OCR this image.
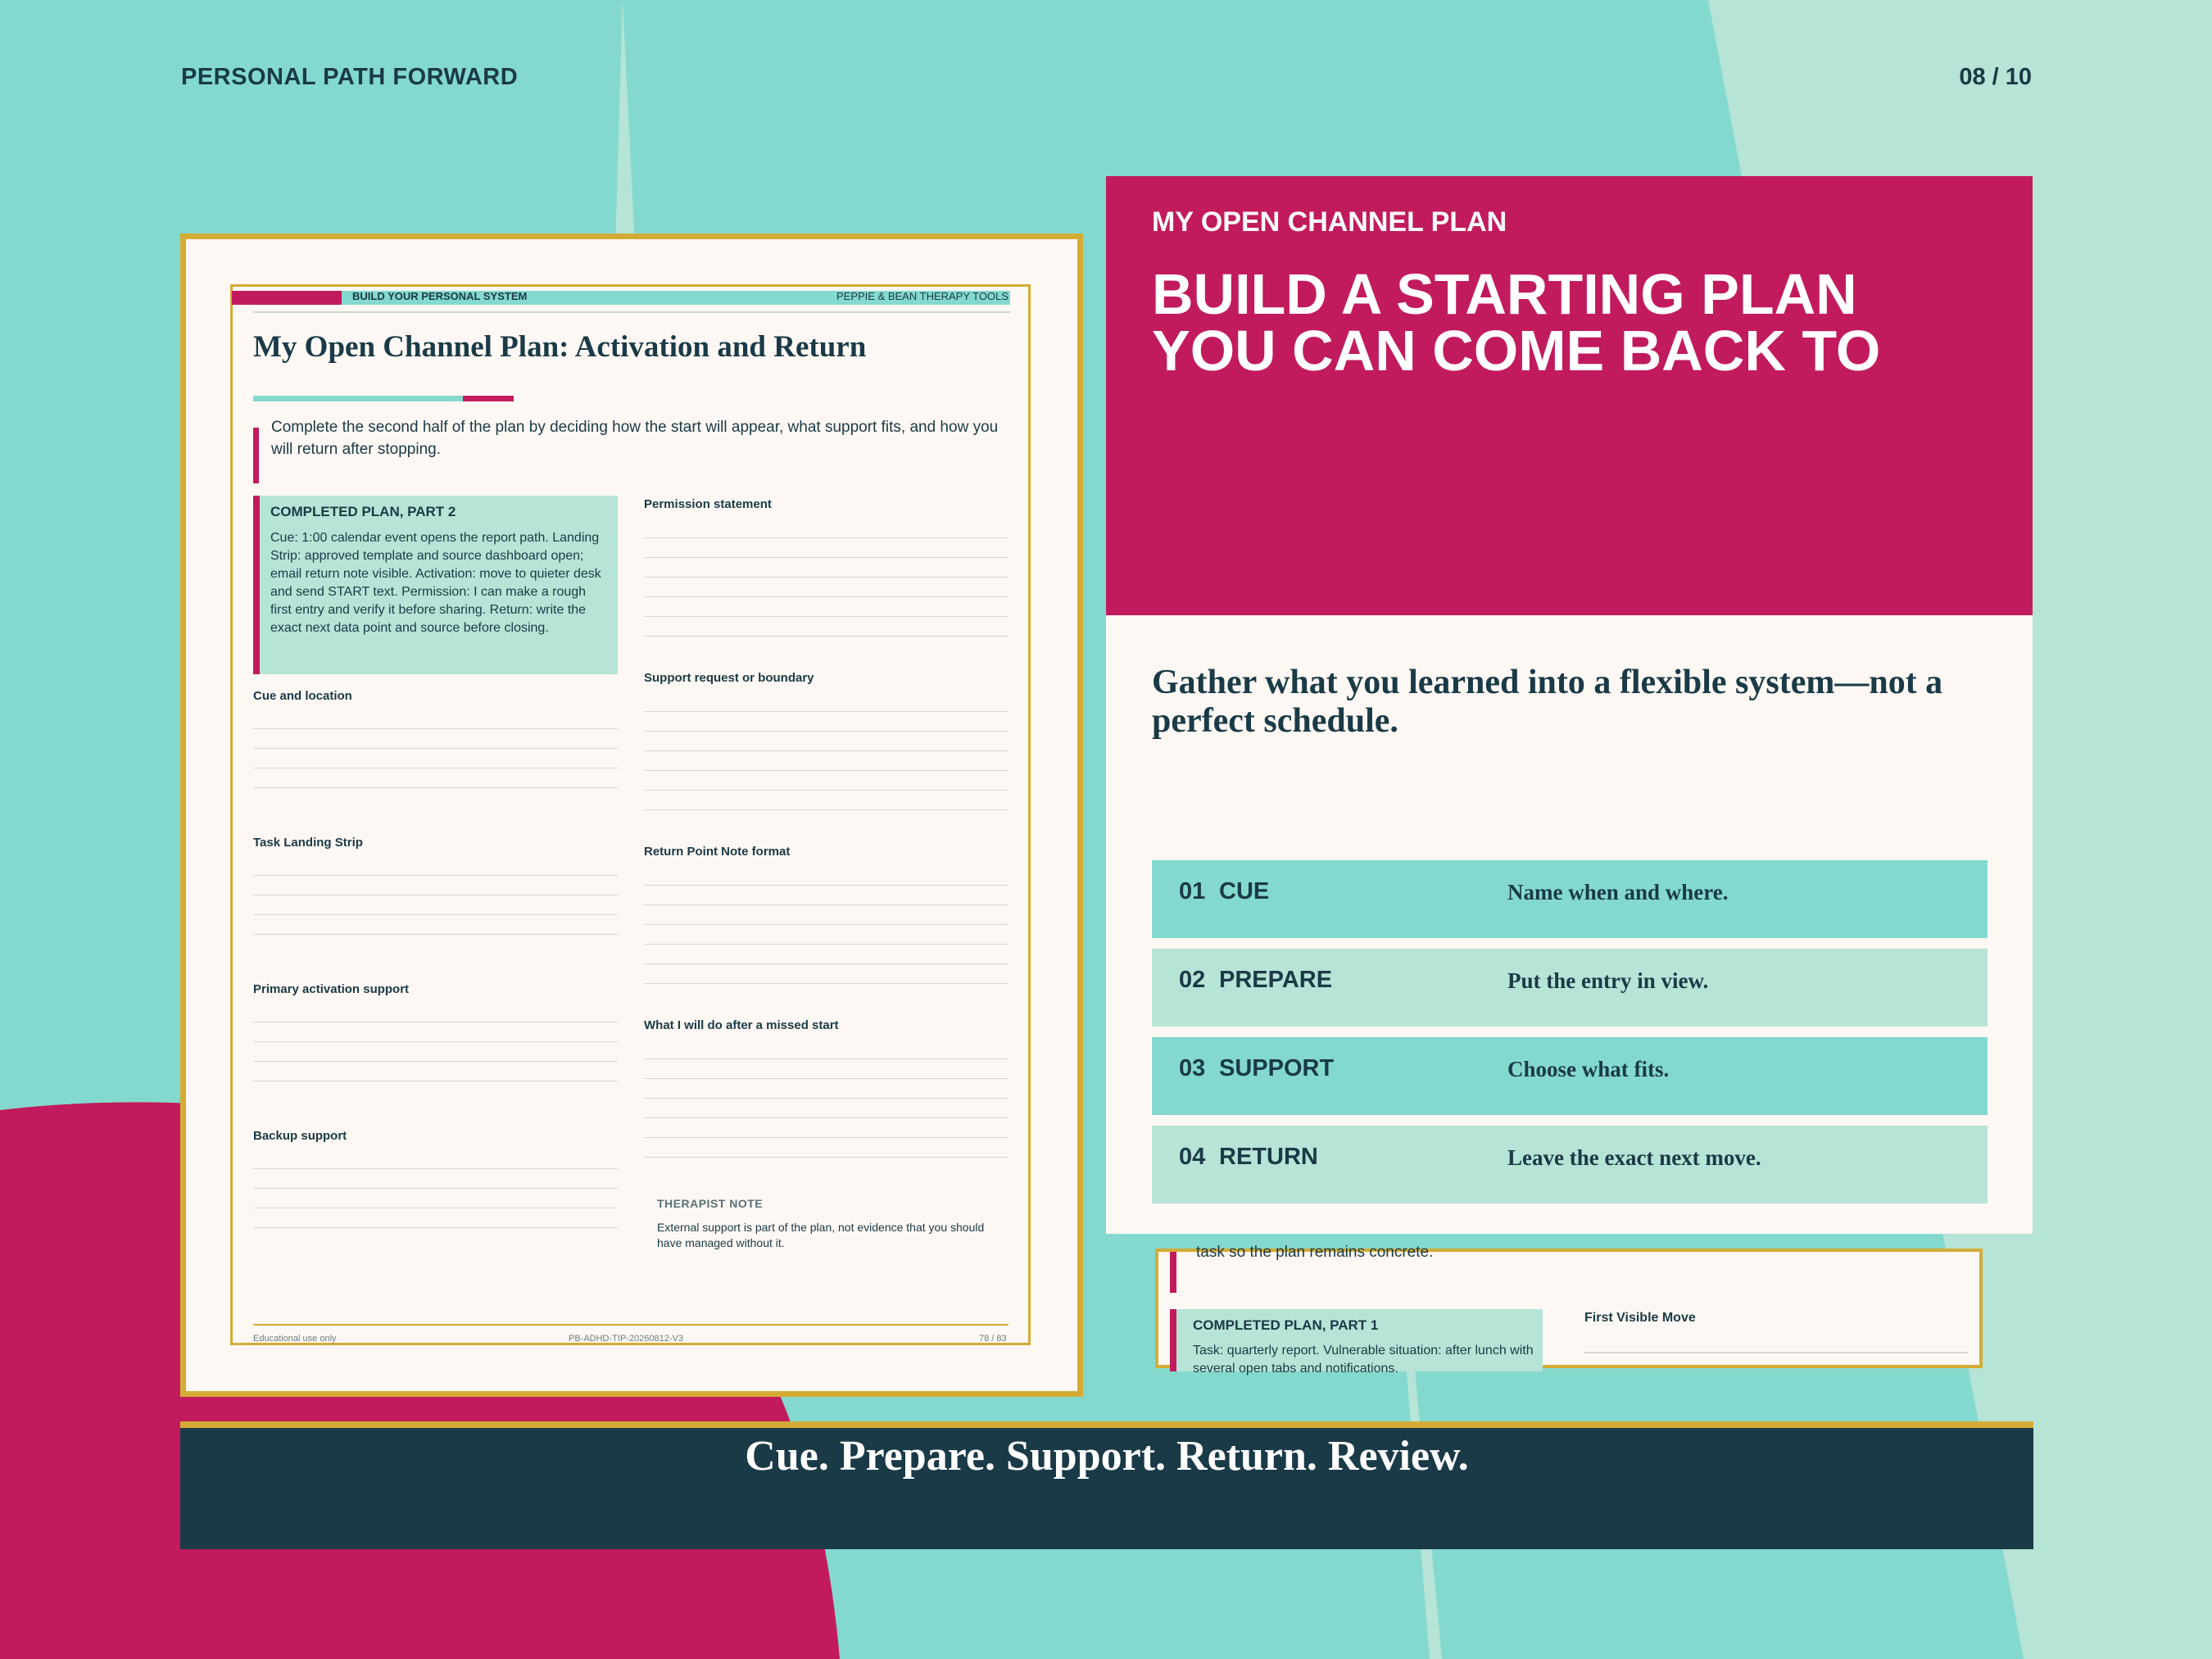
PERSONAL PATH FORWARD	08 / 10
BUILD YOUR PERSONAL SYSTEM	PEPPIE & BEAN THERAPY TOOLS
My Open Channel Plan: Activation and Return
Complete the second half of the plan by deciding how the start will appear, what support fits, and how you will return after stopping.
COMPLETED PLAN, PART 2
Cue: 1:00 calendar event opens the report path. Landing Strip: approved template and source dashboard open; email return note visible. Activation: move to quieter desk and send START text. Permission: I can make a rough first entry and verify it before sharing. Return: write the exact next data point and source before closing.
Cue and location
Task Landing Strip
Primary activation support
Backup support
Permission statement
Support request or boundary
Return Point Note format
What I will do after a missed start
THERAPIST NOTE
External support is part of the plan, not evidence that you should have managed without it.
Educational use only	PB-ADHD-TIP-20260812-V3	78 / 83
MY OPEN CHANNEL PLAN
BUILD A STARTING PLAN YOU CAN COME BACK TO
Gather what you learned into a flexible system—not a perfect schedule.
01 CUE	Name when and where.
02 PREPARE	Put the entry in view.
03 SUPPORT	Choose what fits.
04 RETURN	Leave the exact next move.
task so the plan remains concrete.
COMPLETED PLAN, PART 1
Task: quarterly report. Vulnerable situation: after lunch with several open tabs and notifications.
First Visible Move
Cue. Prepare. Support. Return. Review.
